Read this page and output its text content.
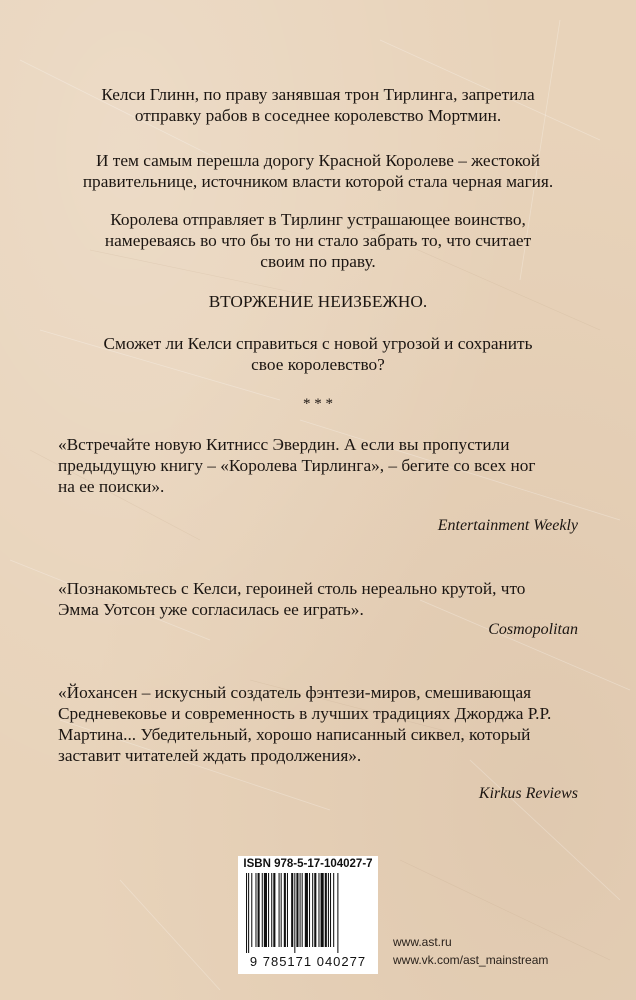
Келси Глинн, по праву занявшая трон Тирлинга, запретила
отправку рабов в соседнее королевство Мортмин.

И тем самым перешла дорогу Красной Королеве – жестокой
правительнице, источником власти которой стала черная магия.

Королева отправляет в Тирлинг устрашающее воинство,
намереваясь во что бы то ни стало забрать то, что считает
своим по праву.

ВТОРЖЕНИЕ НЕИЗБЕЖНО.

Сможет ли Келси справиться с новой угрозой и сохранить
свое королевство?

* * *

«Встречайте новую Китнисс Эвердин. А если вы пропустили
предыдущую книгу – «Королева Тирлинга», – бегите со всех ног
на ее поиски».

Entertainment Weekly

«Познакомьтесь с Келси, героиней столь нереально крутой, что
Эмма Уотсон уже согласилась ее играть».

Cosmopolitan

«Йохансен – искусный создатель фэнтези-миров, смешивающая
Средневековье и современность в лучших традициях Джорджа Р.Р.
Мартина... Убедительный, хорошо написанный сиквел, который
заставит читателей ждать продолжения».

Kirkus Reviews

ISBN 978-5-17-104027-7
9 785171 040277
www.ast.ru
www.vk.com/ast_mainstream
